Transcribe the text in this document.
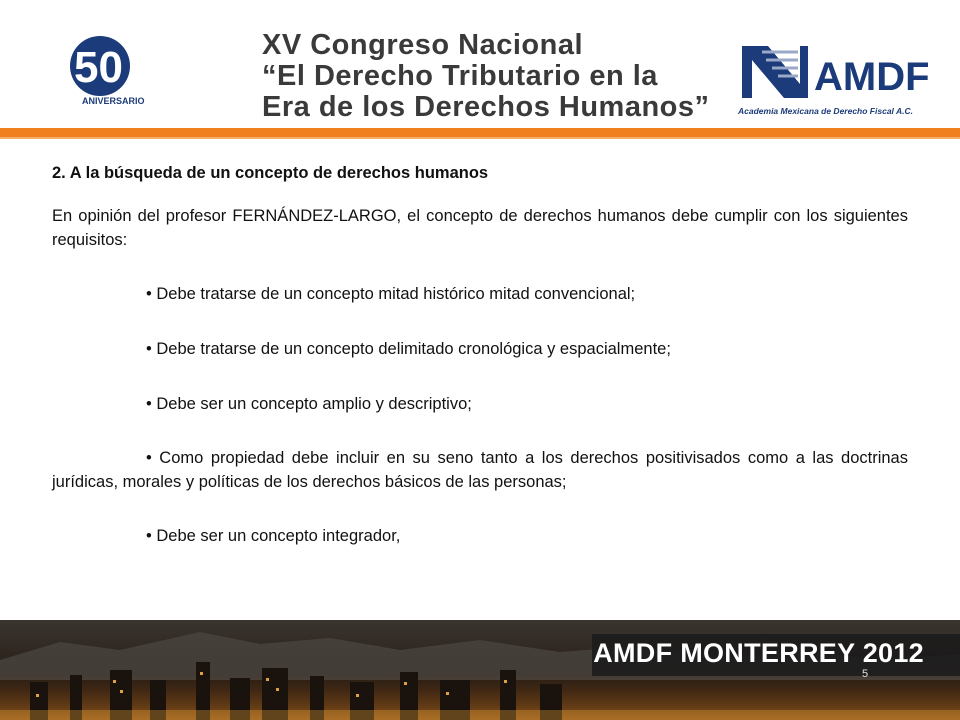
50
ANIVERSARIO
XV Congreso Nacional
“El Derecho Tributario en la
Era de los Derechos Humanos”
AMDF
Academia Mexicana de Derecho Fiscal A.C.

2. A la búsqueda de un concepto de derechos humanos

En opinión del profesor FERNÁNDEZ-LARGO, el concepto de derechos humanos debe cumplir con los siguientes requisitos:

• Debe tratarse de un concepto mitad histórico mitad convencional;

• Debe tratarse de un concepto delimitado cronológica y espacialmente;

• Debe ser un concepto amplio y descriptivo;

• Como propiedad debe incluir en su seno tanto a los derechos positivisados como a las doctrinas jurídicas, morales y políticas de los derechos básicos de las personas;

• Debe ser un concepto integrador,

AMDF MONTERREY 2012
5
